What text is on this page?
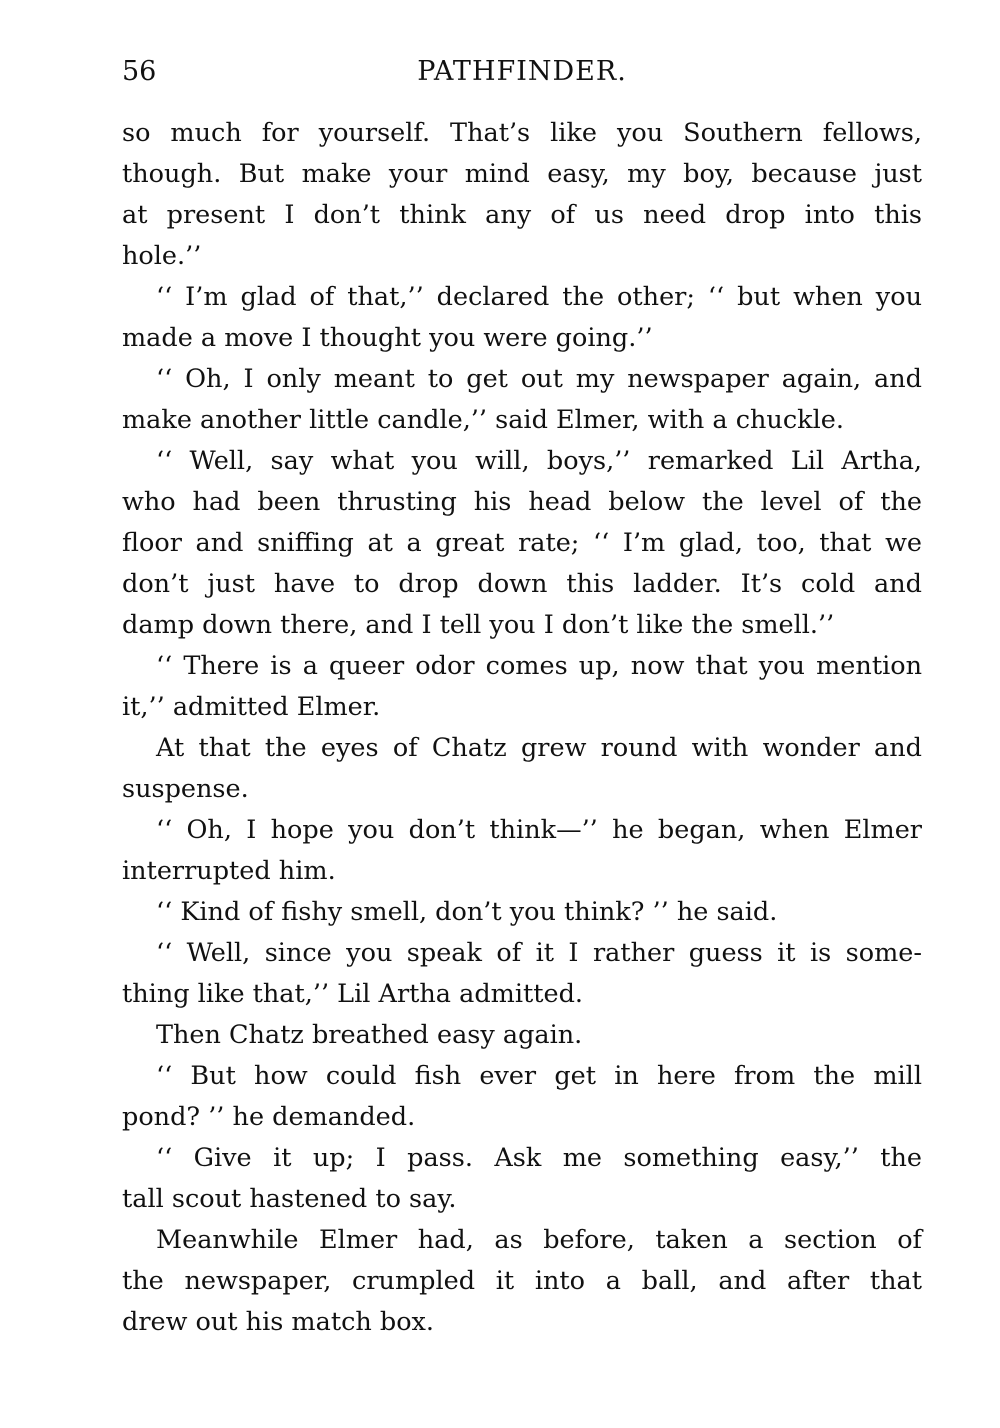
56	PATHFINDER.
so much for yourself. That’s like you Southern fellows,
though. But make your mind easy, my boy, because just
at present I don’t think any of us need drop into this
hole.’’
‘‘ I’m glad of that,’’ declared the other; ‘‘ but when you
made a move I thought you were going.’’
‘‘ Oh, I only meant to get out my newspaper again, and
make another little candle,’’ said Elmer, with a chuckle.
‘‘ Well, say what you will, boys,’’ remarked Lil Artha,
who had been thrusting his head below the level of the
floor and sniffing at a great rate; ‘‘ I’m glad, too, that we
don’t just have to drop down this ladder. It’s cold and
damp down there, and I tell you I don’t like the smell.’’
‘‘ There is a queer odor comes up, now that you mention
it,’’ admitted Elmer.
At that the eyes of Chatz grew round with wonder and
suspense.
‘‘ Oh, I hope you don’t think—’’ he began, when Elmer
interrupted him.
‘‘ Kind of fishy smell, don’t you think? ’’ he said.
‘‘ Well, since you speak of it I rather guess it is some-
thing like that,’’ Lil Artha admitted.
Then Chatz breathed easy again.
‘‘ But how could fish ever get in here from the mill
pond? ’’ he demanded.
‘‘ Give it up; I pass. Ask me something easy,’’ the
tall scout hastened to say.
Meanwhile Elmer had, as before, taken a section of
the newspaper, crumpled it into a ball, and after that
drew out his match box.
